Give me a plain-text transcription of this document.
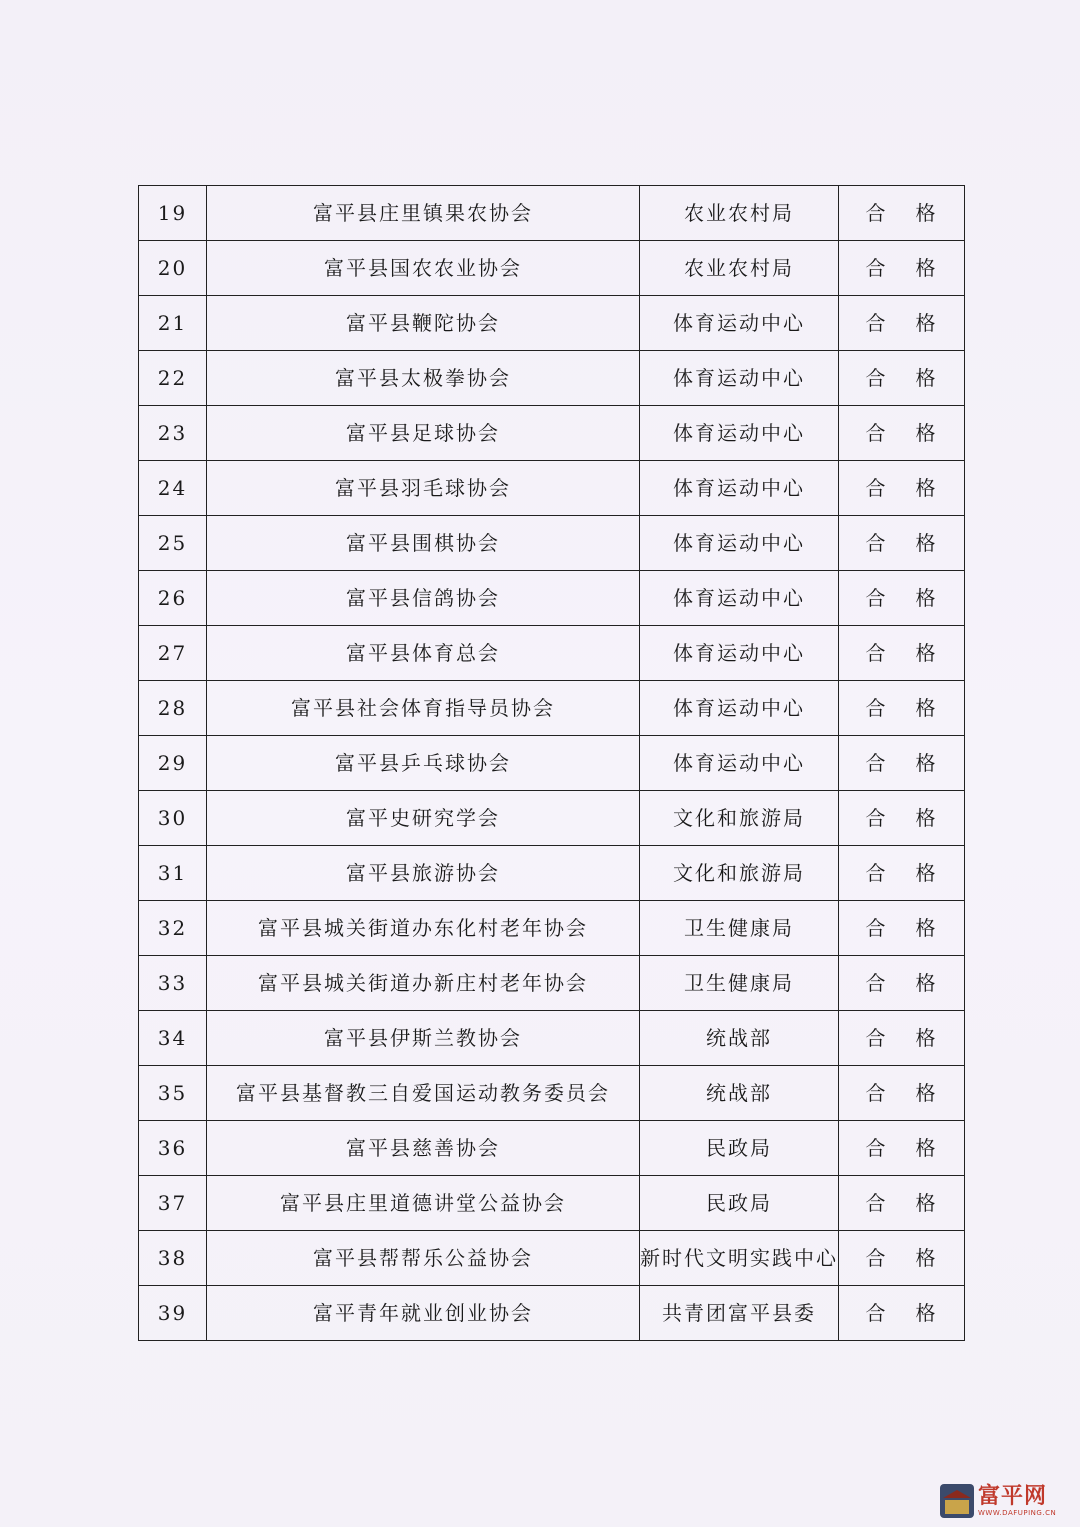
19	富平县庄里镇果农协会	农业农村局	合 格
20	富平县国农农业协会	农业农村局	合 格
21	富平县鞭陀协会	体育运动中心	合 格
22	富平县太极拳协会	体育运动中心	合 格
23	富平县足球协会	体育运动中心	合 格
24	富平县羽毛球协会	体育运动中心	合 格
25	富平县围棋协会	体育运动中心	合 格
26	富平县信鸽协会	体育运动中心	合 格
27	富平县体育总会	体育运动中心	合 格
28	富平县社会体育指导员协会	体育运动中心	合 格
29	富平县乒乓球协会	体育运动中心	合 格
30	富平史研究学会	文化和旅游局	合 格
31	富平县旅游协会	文化和旅游局	合 格
32	富平县城关街道办东化村老年协会	卫生健康局	合 格
33	富平县城关街道办新庄村老年协会	卫生健康局	合 格
34	富平县伊斯兰教协会	统战部	合 格
35	富平县基督教三自爱国运动教务委员会	统战部	合 格
36	富平县慈善协会	民政局	合 格
37	富平县庄里道德讲堂公益协会	民政局	合 格
38	富平县帮帮乐公益协会	新时代文明实践中心	合 格
39	富平青年就业创业协会	共青团富平县委	合 格
富平网
WWW.DAFUPING.CN
